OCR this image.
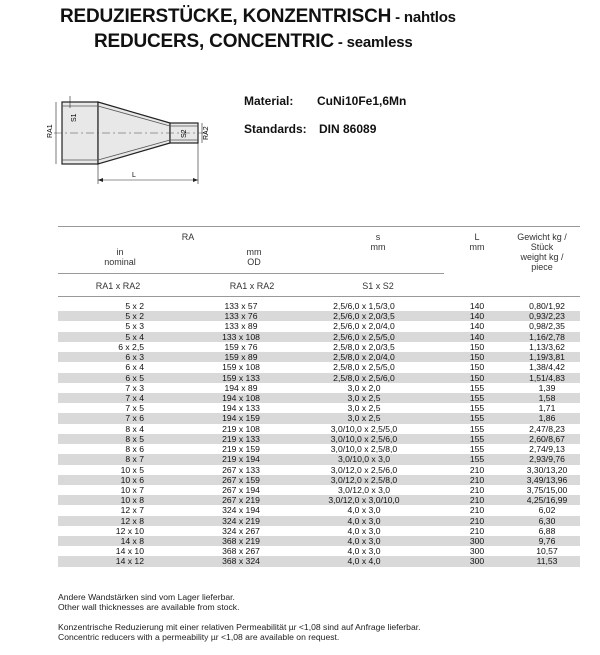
REDUZIERSTÜCKE, KONZENTRISCH - nahtlos
REDUCERS, CONCENTRIC - seamless
RA1
S1
S2 RA2
L
Material: CuNi10Fe1,6Mn
Standards: DIN 86089
RA
in
nominal
mm
OD
s
mm
L
mm
Gewicht kg /
Stück
weight kg /
piece
RA1 x RA2	RA1 x RA2	S1 x S2
5 x 2	133 x 57	2,5/6,0 x 1,5/3,0	140	0,80/1,92
5 x 2	133 x 76	2,5/6,0 x 2,0/3,5	140	0,93/2,23
5 x 3	133 x 89	2,5/6,0 x 2,0/4,0	140	0,98/2,35
5 x 4	133 x 108	2,5/6,0 x 2,5/5,0	140	1,16/2,78
6 x 2,5	159 x 76	2,5/8,0 x 2,0/3,5	150	1,13/3,62
6 x 3	159 x 89	2,5/8,0 x 2,0/4,0	150	1,19/3,81
6 x 4	159 x 108	2,5/8,0 x 2,5/5,0	150	1,38/4,42
6 x 5	159 x 133	2,5/8,0 x 2,5/6,0	150	1,51/4,83
7 x 3	194 x 89	3,0 x 2,0	155	1,39
7 x 4	194 x 108	3,0 x 2,5	155	1,58
7 x 5	194 x 133	3,0 x 2,5	155	1,71
7 x 6	194 x 159	3,0 x 2,5	155	1,86
8 x 4	219 x 108	3,0/10,0 x 2,5/5,0	155	2,47/8,23
8 x 5	219 x 133	3,0/10,0 x 2,5/6,0	155	2,60/8,67
8 x 6	219 x 159	3,0/10,0 x 2,5/8,0	155	2,74/9,13
8 x 7	219 x 194	3,0/10,0 x 3,0	155	2,93/9,76
10 x 5	267 x 133	3,0/12,0 x 2,5/6,0	210	3,30/13,20
10 x 6	267 x 159	3,0/12,0 x 2,5/8,0	210	3,49/13,96
10 x 7	267 x 194	3,0/12,0 x 3,0	210	3,75/15,00
10 x 8	267 x 219	3,0/12,0 x 3,0/10,0	210	4,25/16,99
12 x 7	324 x 194	4,0 x 3,0	210	6,02
12 x 8	324 x 219	4,0 x 3,0	210	6,30
12 x 10	324 x 267	4,0 x 3,0	210	6,88
14 x 8	368 x 219	4,0 x 3,0	300	9,76
14 x 10	368 x 267	4,0 x 3,0	300	10,57
14 x 12	368 x 324	4,0 x 4,0	300	11,53
Andere Wandstärken sind vom Lager lieferbar.
Other wall thicknesses are available from stock.
Konzentrische Reduzierung mit einer relativen Permeabilität µr <1,08 sind auf Anfrage lieferbar.
Concentric reducers with a permeability µr <1,08 are available on request.
